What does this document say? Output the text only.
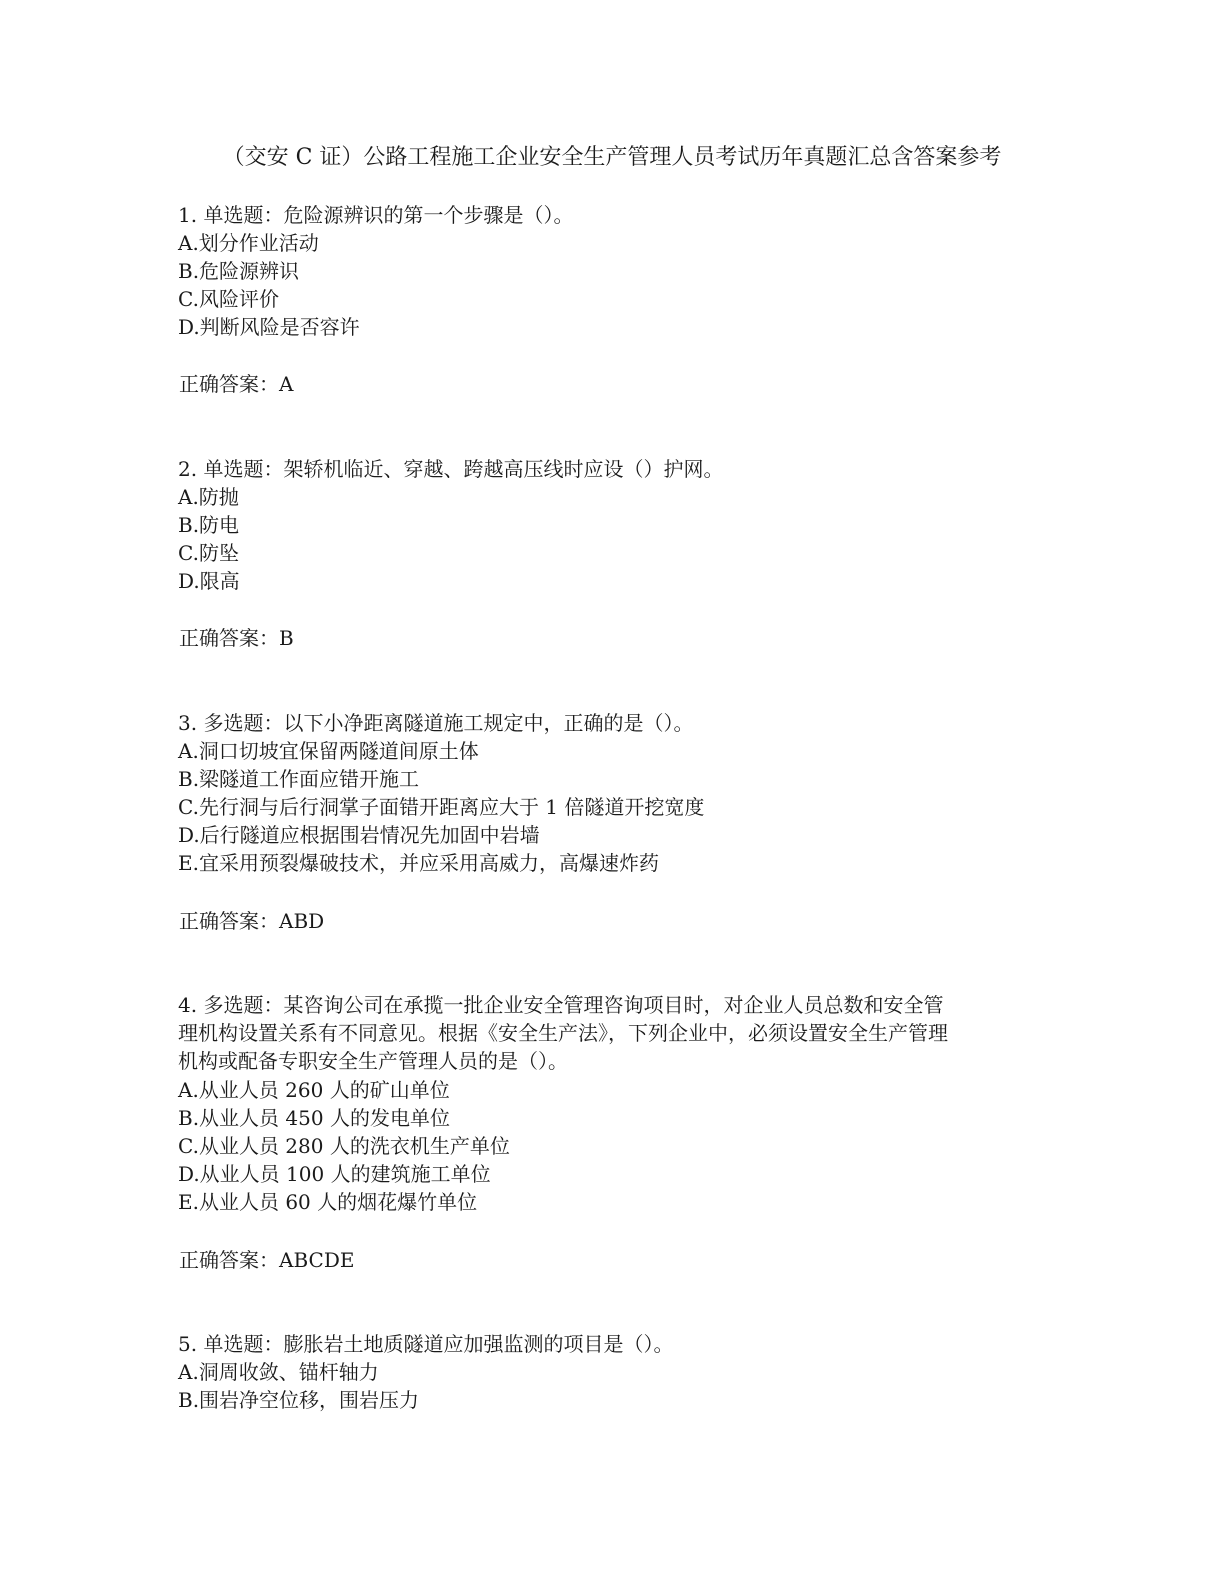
（交安 C 证）公路工程施工企业安全生产管理人员考试历年真题汇总含答案参考
1. 单选题：危险源辨识的第一个步骤是（）。
A.划分作业活动
B.危险源辨识
C.风险评价
D.判断风险是否容许
正确答案：A
2. 单选题：架轿机临近、穿越、跨越高压线时应设（）护网。
A.防抛
B.防电
C.防坠
D.限高
正确答案：B
3. 多选题：以下小净距离隧道施工规定中，正确的是（）。
A.洞口切坡宜保留两隧道间原土体
B.梁隧道工作面应错开施工
C.先行洞与后行洞掌子面错开距离应大于 1 倍隧道开挖宽度
D.后行隧道应根据围岩情况先加固中岩墙
E.宜采用预裂爆破技术，并应采用高威力，高爆速炸药
正确答案：ABD
4. 多选题：某咨询公司在承揽一批企业安全管理咨询项目时，对企业人员总数和安全管
理机构设置关系有不同意见。根据《安全生产法》，下列企业中，必须设置安全生产管理
机构或配备专职安全生产管理人员的是（）。
A.从业人员 260 人的矿山单位
B.从业人员 450 人的发电单位
C.从业人员 280 人的洗衣机生产单位
D.从业人员 100 人的建筑施工单位
E.从业人员 60 人的烟花爆竹单位
正确答案：ABCDE
5. 单选题：膨胀岩土地质隧道应加强监测的项目是（）。
A.洞周收敛、锚杆轴力
B.围岩净空位移，围岩压力
